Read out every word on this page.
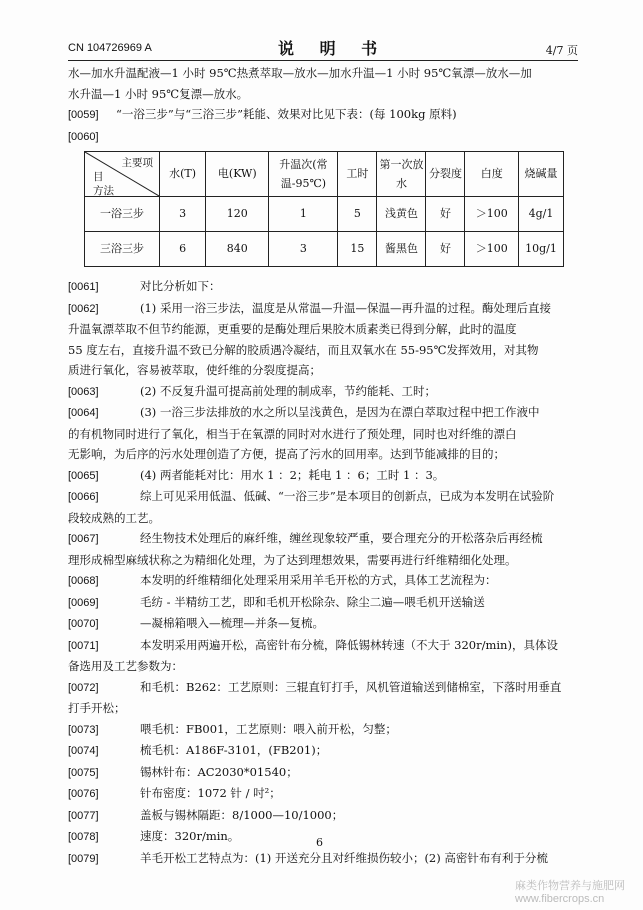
CN 104726969 A	说 明 书	4/7 页
水—加水升温配液—1 小时 95℃热煮萃取—放水—加水升温—1 小时 95℃氧漂—放水—加
水升温—1 小时 95℃复漂—放水。
[0059] “一浴三步”与“三浴三步”耗能、效果对比见下表：(每 100kg 原料)
[0060]
主要项
目
方法	水(T)	电(KW)	升温次(常温-95℃)	工时	第一次放水	分裂度	白度	烧碱量
一浴三步	3	120	1	5	浅黄色	好	＞100	4g/1
三浴三步	6	840	3	15	酱黑色	好	＞100	10g/1
[0061]	对比分析如下：
[0062]	(1) 采用一浴三步法，温度是从常温—升温—保温—再升温的过程。酶处理后直接
升温氧漂萃取不但节约能源，更重要的是酶处理后果胶木质素类已得到分解，此时的温度
55 度左右，直接升温不致已分解的胶质遇冷凝结，而且双氧水在 55-95℃发挥效用，对其物
质进行氧化，容易被萃取，使纤维的分裂度提高；
[0063]	(2) 不反复升温可提高前处理的制成率，节约能耗、工时；
[0064]	(3) 一浴三步法排放的水之所以呈浅黄色，是因为在漂白萃取过程中把工作液中
的有机物同时进行了氧化，相当于在氧漂的同时对水进行了预处理，同时也对纤维的漂白
无影响，为后序的污水处理创造了方便，提高了污水的回用率。达到节能减排的目的；
[0065]	(4) 两者能耗对比：用水 1 ：2；耗电 1 ：6；工时 1 ：3。
[0066]	综上可见采用低温、低碱、“一浴三步”是本项目的创新点，已成为本发明在试验阶
段较成熟的工艺。
[0067]	经生物技术处理后的麻纤维，缠丝现象较严重，要合理充分的开松落杂后再经梳
理形成棉型麻绒状称之为精细化处理，为了达到理想效果，需要再进行纤维精细化处理。
[0068]	本发明的纤维精细化处理采用采用羊毛开松的方式，具体工艺流程为：
[0069]	毛纺 - 半精纺工艺，即和毛机开松除杂、除尘二遍—喂毛机开送输送
[0070]	—凝棉箱喂入—梳理—并条—复梳。
[0071]	本发明采用两遍开松，高密针布分梳，降低锡林转速（不大于 320r/min)，具体设
备选用及工艺参数为：
[0072]	和毛机：B262：工艺原则：三辊直钉打手，风机管道输送到储棉室，下落时用垂直
打手开松；
[0073]	喂毛机：FB001，工艺原则：喂入前开松，匀整；
[0074]	梳毛机：A186F-3101，(FB201)；
[0075]	锡林针布：AC2030*01540；
[0076]	针布密度：1072 针 / 吋²；
[0077]	盖板与锡林隔距：8/1000—10/1000；
[0078]	速度：320r/min。
[0079]	羊毛开松工艺特点为：(1) 开送充分且对纤维损伤较小；(2) 高密针布有利于分梳
6
麻类作物营养与施肥网
www.fibercrops.cn
